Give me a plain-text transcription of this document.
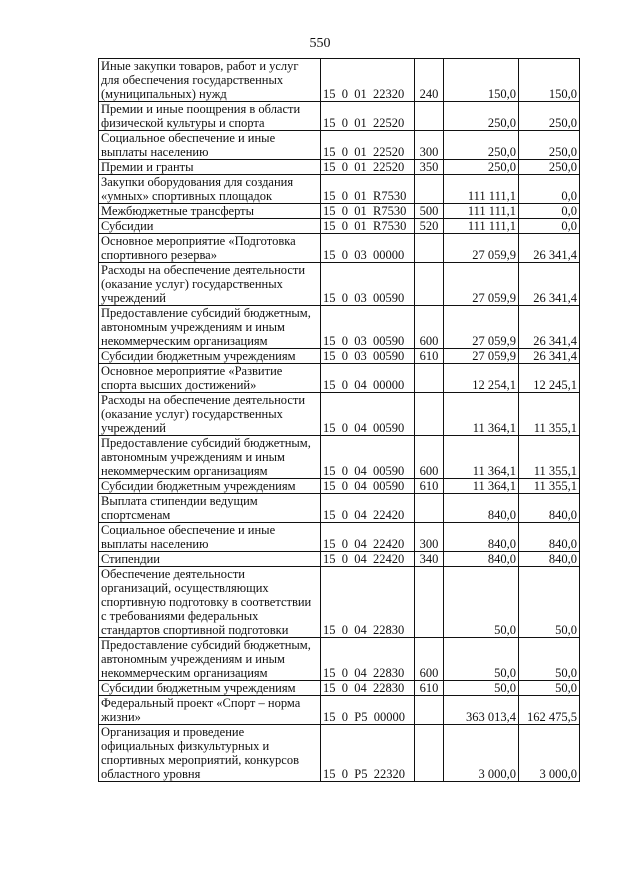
550
Иные закупки товаров, работ и услуг
для обеспечения государственных
(муниципальных) нужд	15  0  01  22320	240	150,0	150,0

Премии и иные поощрения в области
физической культуры и спорта	15  0  01  22520		250,0	250,0

Социальное обеспечение и иные
выплаты населению	15  0  01  22520	300	250,0	250,0

Премии и гранты	15  0  01  22520	350	250,0	250,0

Закупки оборудования для создания
«умных» спортивных площадок	15  0  01  R7530		111 111,1	0,0

Межбюджетные трансферты	15  0  01  R7530	500	111 111,1	0,0

Субсидии	15  0  01  R7530	520	111 111,1	0,0

Основное мероприятие «Подготовка
спортивного резерва»	15  0  03  00000		27 059,9	26 341,4

Расходы на обеспечение деятельности
(оказание услуг) государственных
учреждений	15  0  03  00590		27 059,9	26 341,4

Предоставление субсидий бюджетным,
автономным учреждениям и иным
некоммерческим организациям	15  0  03  00590	600	27 059,9	26 341,4

Субсидии бюджетным учреждениям	15  0  03  00590	610	27 059,9	26 341,4

Основное мероприятие «Развитие
спорта высших достижений»	15  0  04  00000		12 254,1	12 245,1

Расходы на обеспечение деятельности
(оказание услуг) государственных
учреждений	15  0  04  00590		11 364,1	11 355,1

Предоставление субсидий бюджетным,
автономным учреждениям и иным
некоммерческим организациям	15  0  04  00590	600	11 364,1	11 355,1

Субсидии бюджетным учреждениям	15  0  04  00590	610	11 364,1	11 355,1

Выплата стипендии ведущим
спортсменам	15  0  04  22420		840,0	840,0

Социальное обеспечение и иные
выплаты населению	15  0  04  22420	300	840,0	840,0

Стипендии	15  0  04  22420	340	840,0	840,0

Обеспечение деятельности
организаций, осуществляющих
спортивную подготовку в соответствии
с требованиями федеральных
стандартов спортивной подготовки	15  0  04  22830		50,0	50,0

Предоставление субсидий бюджетным,
автономным учреждениям и иным
некоммерческим организациям	15  0  04  22830	600	50,0	50,0

Субсидии бюджетным учреждениям	15  0  04  22830	610	50,0	50,0

Федеральный проект «Спорт – норма
жизни»	15  0  P5  00000		363 013,4	162 475,5

Организация и проведение
официальных физкультурных и
спортивных мероприятий, конкурсов
областного уровня	15  0  P5  22320		3 000,0	3 000,0
